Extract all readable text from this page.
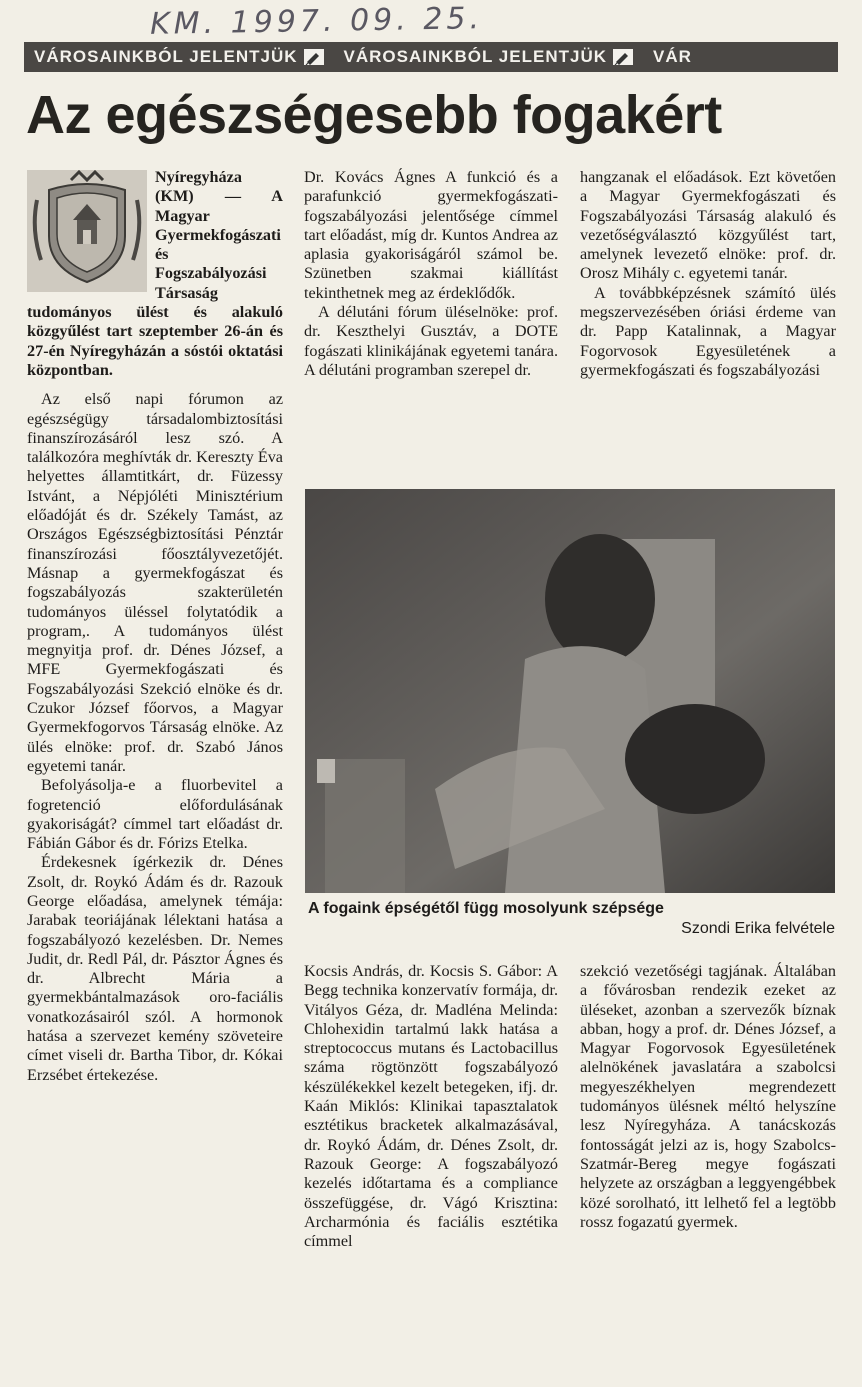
KM. 1997. 09. 25.
VÁROSAINKBÓL JELENTJÜK	VÁROSAINKBÓL JELENTJÜK	VÁR
Az egészségesebb fogakért

Nyíregyháza (KM) — A Magyar Gyermekfogászati és Fogszabályozási Társaság tudományos ülést és alakuló közgyűlést tart szeptember 26-án és 27-én Nyíregyházán a sóstói oktatási központban.

Az első napi fórumon az egészségügy társadalombiztosítási finanszírozásáról lesz szó. A találkozóra meghívták dr. Kereszty Éva helyettes államtitkárt, dr. Füzessy Istvánt, a Népjóléti Minisztérium előadóját és dr. Székely Tamást, az Országos Egészségbiztosítási Pénztár finanszírozási főosztályvezetőjét. Másnap a gyermekfogászat és fogszabályozás szakterületén tudományos üléssel folytatódik a program,. A tudományos ülést megnyitja prof. dr. Dénes József, a MFE Gyermekfogászati és Fogszabályozási Szekció elnöke és dr. Czukor József főorvos, a Magyar Gyermekfogorvos Társaság elnöke. Az ülés elnöke: prof. dr. Szabó János egyetemi tanár.

Befolyásolja-e a fluorbevitel a fogretenció előfordulásának gyakoriságát? címmel tart előadást dr. Fábián Gábor és dr. Fórizs Etelka.

Érdekesnek ígérkezik dr. Dénes Zsolt, dr. Roykó Ádám és dr. Razouk George előadása, amelynek témája: Jarabak teoriájának lélektani hatása a fogszabályozó kezelésben. Dr. Nemes Judit, dr. Redl Pál, dr. Pásztor Ágnes és dr. Albrecht Mária a gyermekbántalmazások oro-faciális vonatkozásairól szól. A hormonok hatása a szervezet kemény szöveteire címet viseli dr. Bartha Tibor, dr. Kókai Erzsébet értekezése.

Dr. Kovács Ágnes A funkció és a parafunkció gyermekfogászati-fogszabályozási jelentősége címmel tart előadást, míg dr. Kuntos Andrea az aplasia gyakoriságáról számol be. Szünetben szakmai kiállítást tekinthetnek meg az érdeklődők.

A délutáni fórum üléselnöke: prof. dr. Keszthelyi Gusztáv, a DOTE fogászati klinikájának egyetemi tanára. A délutáni programban szerepel dr.

hangzanak el előadások. Ezt követően a Magyar Gyermekfogászati és Fogszabályozási Társaság alakuló és vezetőségválasztó közgyűlést tart, amelynek levezető elnöke: prof. dr. Orosz Mihály c. egyetemi tanár.

A továbbképzésnek számító ülés megszervezésében óriási érdeme van dr. Papp Katalinnak, a Magyar Fogorvosok Egyesületének a gyermekfogászati és fogszabályozási

A fogaink épségétől függ mosolyunk szépsége
Szondi Erika felvétele

Kocsis András, dr. Kocsis S. Gábor: A Begg technika konzervatív formája, dr. Vitályos Géza, dr. Madléna Melinda: Chlohexidin tartalmú lakk hatása a streptococcus mutans és Lactobacillus száma rögtönzött fogszabályozó készülékekkel kezelt betegeken, ifj. dr. Kaán Miklós: Klinikai tapasztalatok esztétikus bracketek alkalmazásával, dr. Roykó Ádám, dr. Dénes Zsolt, dr. Razouk George: A fogszabályozó kezelés időtartama és a compliance összefüggése, dr. Vágó Krisztina: Archarmónia és faciális esztétika címmel

szekció vezetőségi tagjának. Általában a fővárosban rendezik ezeket az üléseket, azonban a szervezők bíznak abban, hogy a prof. dr. Dénes József, a Magyar Fogorvosok Egyesületének alelnökének javaslatára a szabolcsi megyeszékhelyen megrendezett tudományos ülésnek méltó helyszíne lesz Nyíregyháza. A tanácskozás fontosságát jelzi az is, hogy Szabolcs-Szatmár-Bereg megye fogászati helyzete az országban a leggyengébbek közé sorolható, itt lelhető fel a legtöbb rossz fogazatú gyermek.
